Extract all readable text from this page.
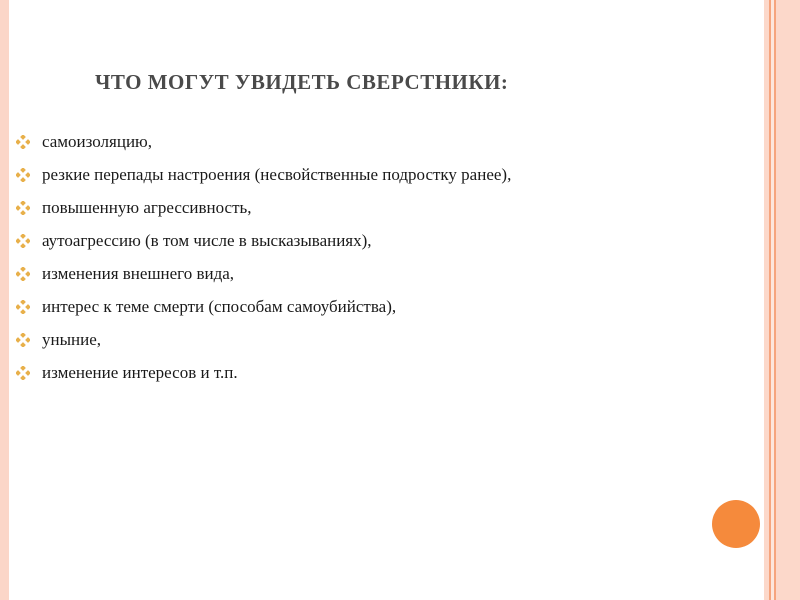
ЧТО МОГУТ УВИДЕТЬ СВЕРСТНИКИ:
самоизоляцию,
резкие перепады настроения (несвойственные подростку ранее),
повышенную агрессивность,
аутоагрессию (в том числе в высказываниях),
изменения внешнего вида,
интерес к теме смерти (способам самоубийства),
уныние,
изменение интересов и т.п.
